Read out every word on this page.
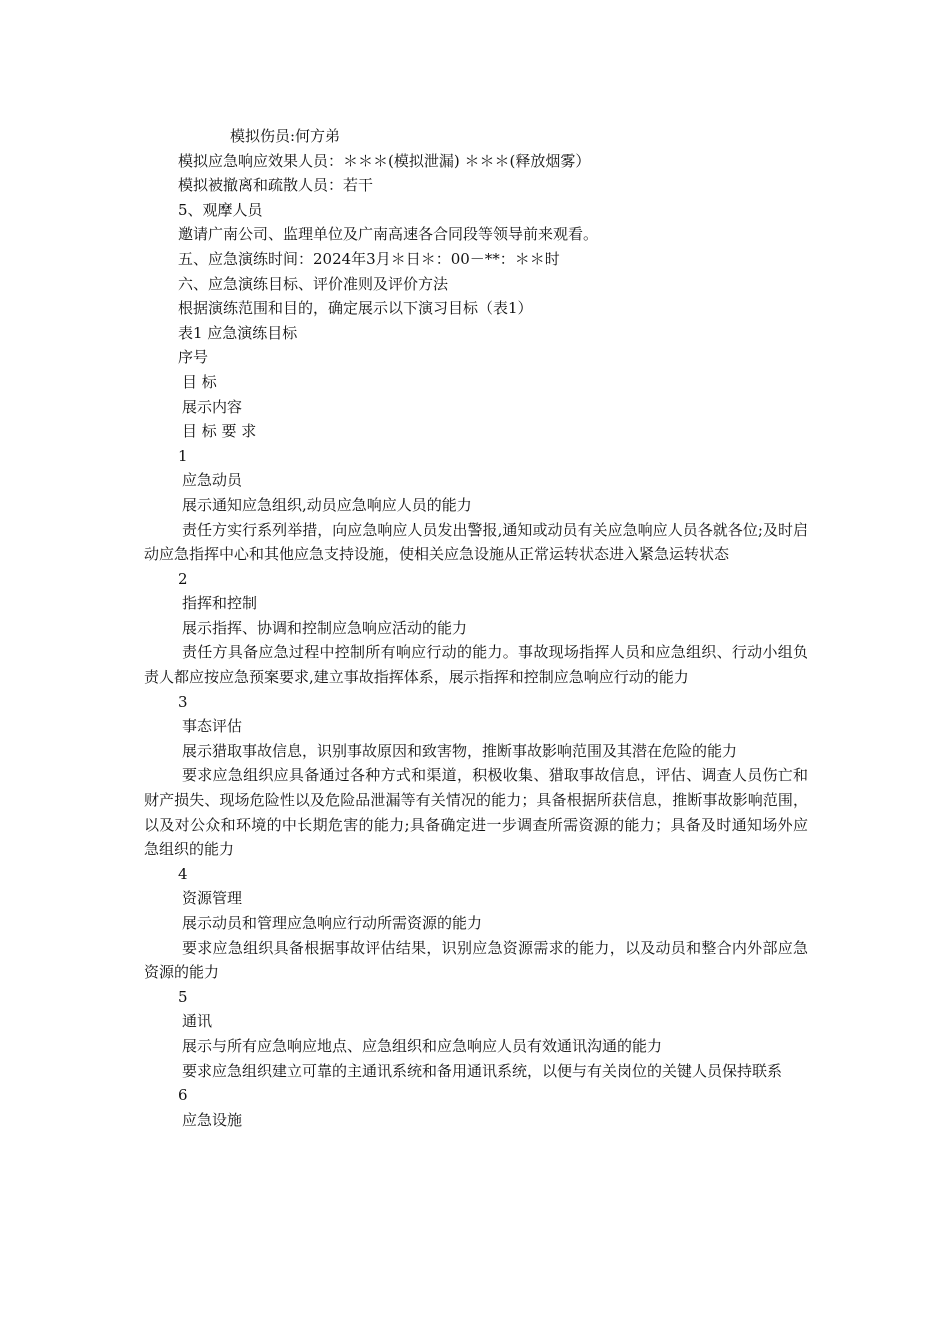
模拟伤员:何方弟

模拟应急响应效果人员：＊＊＊(模拟泄漏) ＊＊＊(释放烟雾）

模拟被撤离和疏散人员：若干

5、观摩人员

邀请广南公司、监理单位及广南高速各合同段等领导前来观看。

五、应急演练时间：2024年3月＊日＊：00－**：＊＊时

六、应急演练目标、评价准则及评价方法

根据演练范围和目的，确定展示以下演习目标（表1）

表1 应急演练目标

序号

目 标

展示内容

目 标 要 求

1

应急动员

展示通知应急组织,动员应急响应人员的能力

责任方实行系列举措，向应急响应人员发出警报,通知或动员有关应急响应人员各就各位;及时启动应急指挥中心和其他应急支持设施，使相关应急设施从正常运转状态进入紧急运转状态

2

指挥和控制

展示指挥、协调和控制应急响应活动的能力

责任方具备应急过程中控制所有响应行动的能力。事故现场指挥人员和应急组织、行动小组负责人都应按应急预案要求,建立事故指挥体系，展示指挥和控制应急响应行动的能力

3

事态评估

展示猎取事故信息，识别事故原因和致害物，推断事故影响范围及其潜在危险的能力

要求应急组织应具备通过各种方式和渠道，积极收集、猎取事故信息，评估、调查人员伤亡和财产损失、现场危险性以及危险品泄漏等有关情况的能力；具备根据所获信息，推断事故影响范围，以及对公众和环境的中长期危害的能力;具备确定进一步调查所需资源的能力；具备及时通知场外应急组织的能力

4

资源管理

展示动员和管理应急响应行动所需资源的能力

要求应急组织具备根据事故评估结果，识别应急资源需求的能力，以及动员和整合内外部应急资源的能力

5

通讯

展示与所有应急响应地点、应急组织和应急响应人员有效通讯沟通的能力

要求应急组织建立可靠的主通讯系统和备用通讯系统，以便与有关岗位的关键人员保持联系

6

应急设施
